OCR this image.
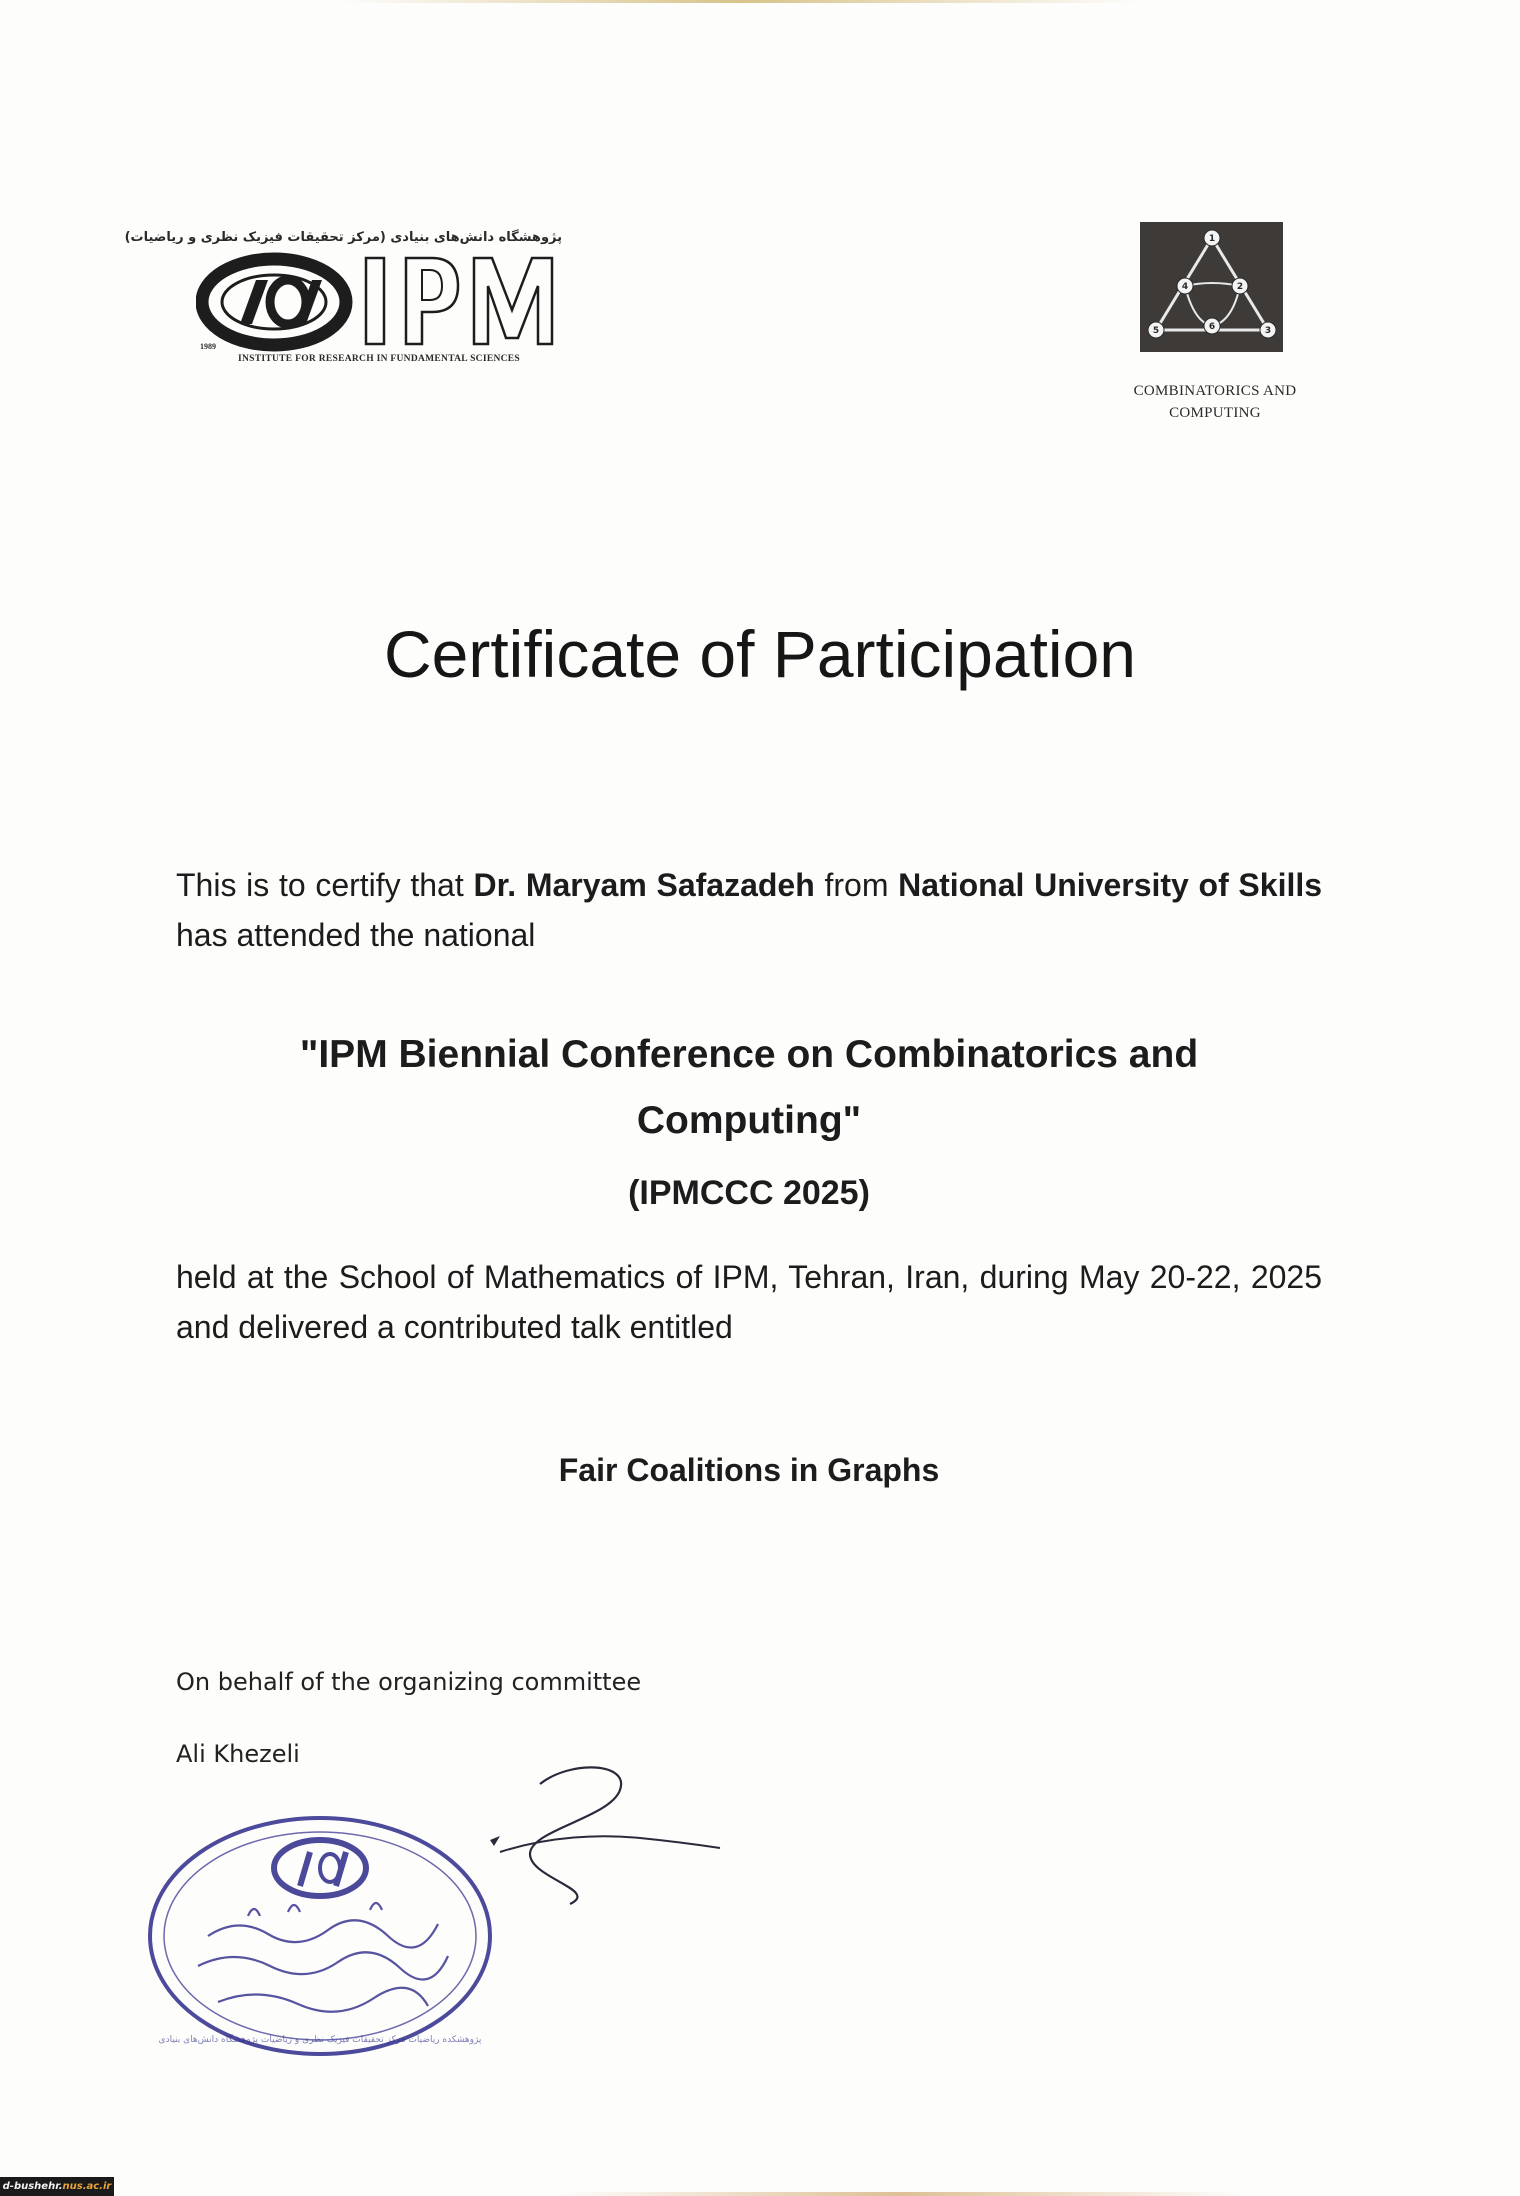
پژوهشگاه دانش‌های بنیادی (مرکز تحقیقات فیزیک نظری و ریاضیات)
IPM
1989
INSTITUTE FOR RESEARCH IN FUNDAMENTAL SCIENCES
1
2
3
4
5	6
COMBINATORICS AND
COMPUTING
Certificate of Participation

This is to certify that Dr. Maryam Safazadeh from National University of Skills has attended the national

"IPM Biennial Conference on Combinatorics and
Computing"
(IPMCCC 2025)

held at the School of Mathematics of IPM, Tehran, Iran, during May 20-22, 2025 and delivered a contributed talk entitled

Fair Coalitions in Graphs
On behalf of the organizing committee
Ali Khezeli
پژوهشکده ریاضیات مرکز تحقیقات فیزیک نظری و ریاضیات پژوهشگاه دانش‌های بنیادی
d-bushehr.nus.ac.ir
